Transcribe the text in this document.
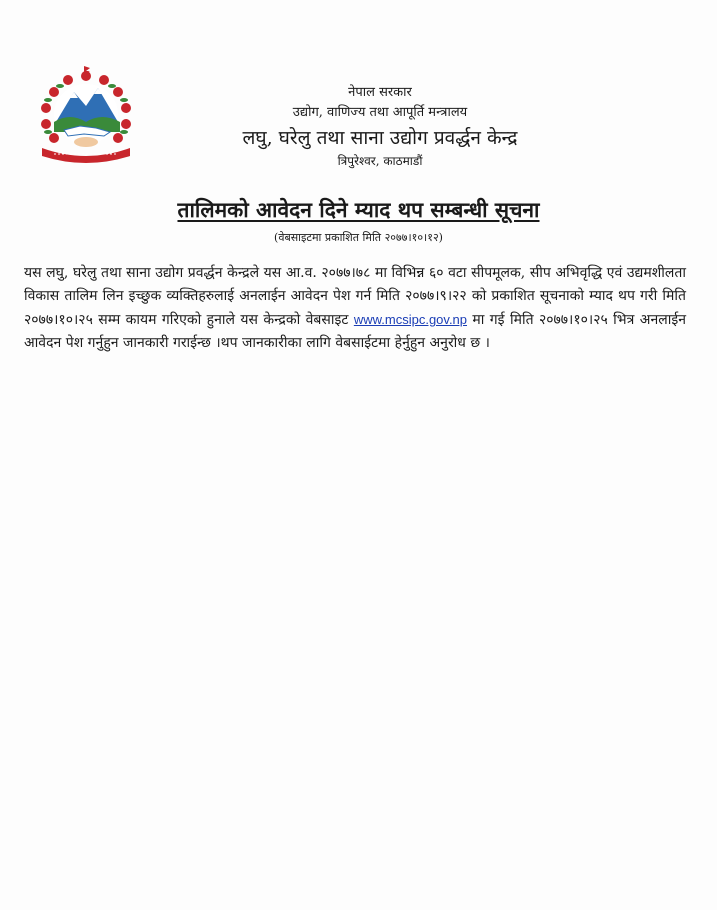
नेपाल सरकार

उद्योग, वाणिज्य तथा आपूर्ति मन्त्रालय

लघु, घरेलु तथा साना उद्योग प्रवर्द्धन केन्द्र

त्रिपुरेश्वर, काठमाडौं

तालिमको आवेदन दिने म्याद थप सम्बन्धी सूचना

(वेबसाइटमा प्रकाशित मिति २०७७।१०।१२)

यस लघु, घरेलु तथा साना उद्योग प्रवर्द्धन केन्द्रले यस आ.व. २०७७।७८ मा विभिन्न ६० वटा सीपमूलक, सीप अभिवृद्धि एवं उद्यमशीलता विकास तालिम लिन इच्छुक व्यक्तिहरुलाई अनलाईन आवेदन पेश गर्न मिति २०७७।९।२२ को प्रकाशित सूचनाको म्याद थप गरी मिति २०७७।१०।२५ सम्म कायम गरिएको हुनाले यस केन्द्रको वेबसाइट www.mcsipc.gov.np मा गई मिति २०७७।१०।२५ भित्र अनलाईन आवेदन पेश गर्नुहुन जानकारी गराईन्छ ।थप जानकारीका लागि वेबसाईटमा हेर्नुहुन अनुरोध छ ।
